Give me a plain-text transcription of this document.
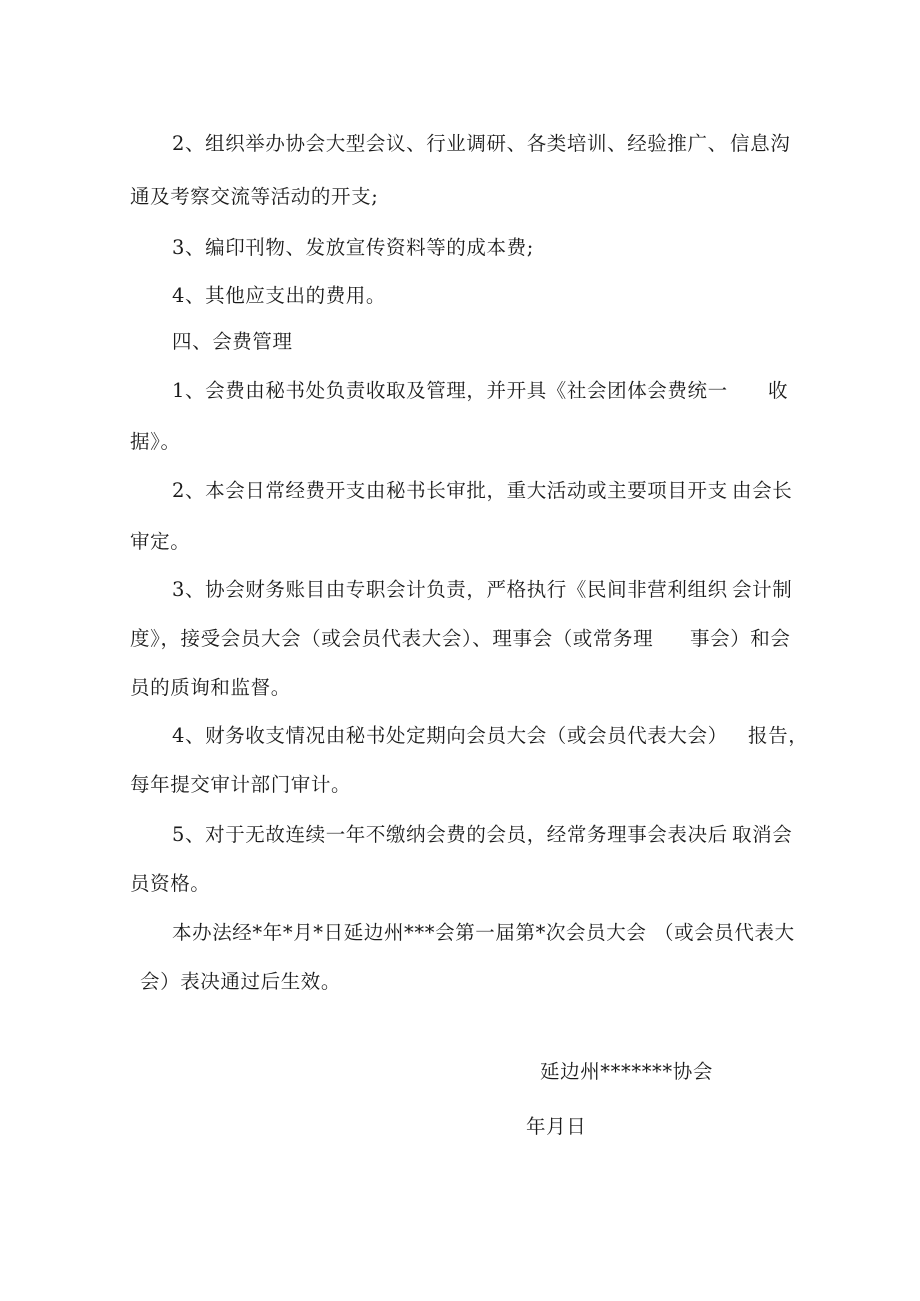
2、组织举办协会大型会议、行业调研、各类培训、经验推广、 信息沟
通及考察交流等活动的开支;
3、编印刊物、发放宣传资料等的成本费;
4、其他应支出的费用。
四、会费管理
1、会费由秘书处负责收取及管理，并开具《社会团体会费统一 收
据》。
2、本会日常经费开支由秘书长审批，重大活动或主要项目开支 由会长
审定。
3、协会财务账目由专职会计负责，严格执行《民间非营利组织 会计制
度》，接受会员大会（或会员代表大会）、理事会（或常务理 事会）和会
员的质询和监督。
4、财务收支情况由秘书处定期向会员大会（或会员代表大会） 报告，
每年提交审计部门审计。
5、对于无故连续一年不缴纳会费的会员，经常务理事会表决后 取消会
员资格。
本办法经*年*月*日延边州***会第一届第*次会员大会 （或会员代表大
会）表决通过后生效。
延边州*******协会
年月日
